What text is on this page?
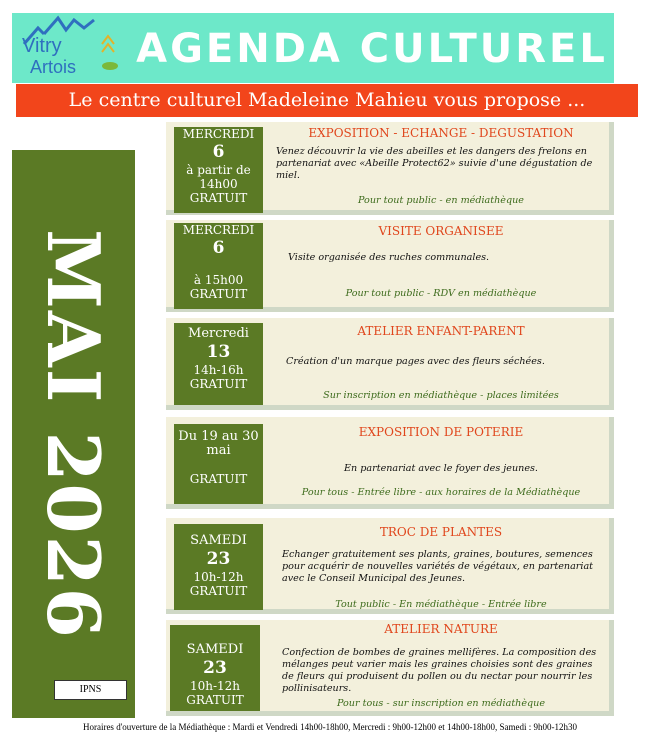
Vitry
Artois AGENDA CULTUREL
Le centre culturel Madeleine Mahieu vous propose ...
MAI 2026
IPNS
MERCREDI
6
à partir de
14h00
GRATUIT
EXPOSITION - ECHANGE - DEGUSTATION
Venez découvrir la vie des abeilles et les dangers des frelons en partenariat avec «Abeille Protect62» suivie d'une dégustation de miel.
Pour tout public - en médiathèque
MERCREDI
6
à 15h00
GRATUIT
VISITE ORGANISEE
Visite organisée des ruches communales.
Pour tout public - RDV en médiathèque
Mercredi
13
14h-16h
GRATUIT
ATELIER ENFANT-PARENT
Création d'un marque pages avec des fleurs séchées.
Sur inscription en médiathèque - places limitées
Du 19 au 30
mai
GRATUIT
EXPOSITION DE POTERIE
En partenariat avec le foyer des jeunes.
Pour tous - Entrée libre - aux horaires de la Médiathèque
SAMEDI
23
10h-12h
GRATUIT
TROC DE PLANTES
Echanger gratuitement ses plants, graines, boutures, semences pour acquérir de nouvelles variétés de végétaux, en partenariat avec le Conseil Municipal des Jeunes.
Tout public - En médiathèque - Entrée libre
SAMEDI
23
10h-12h
GRATUIT
ATELIER NATURE
Confection de bombes de graines mellifères. La composition des mélanges peut varier mais les graines choisies sont des graines de fleurs qui produisent du pollen ou du nectar pour nourrir les pollinisateurs.
Pour tous - sur inscription en médiathèque
Horaires d'ouverture de la Médiathèque : Mardi et Vendredi 14h00-18h00, Mercredi : 9h00-12h00 et 14h00-18h00, Samedi : 9h00-12h30
